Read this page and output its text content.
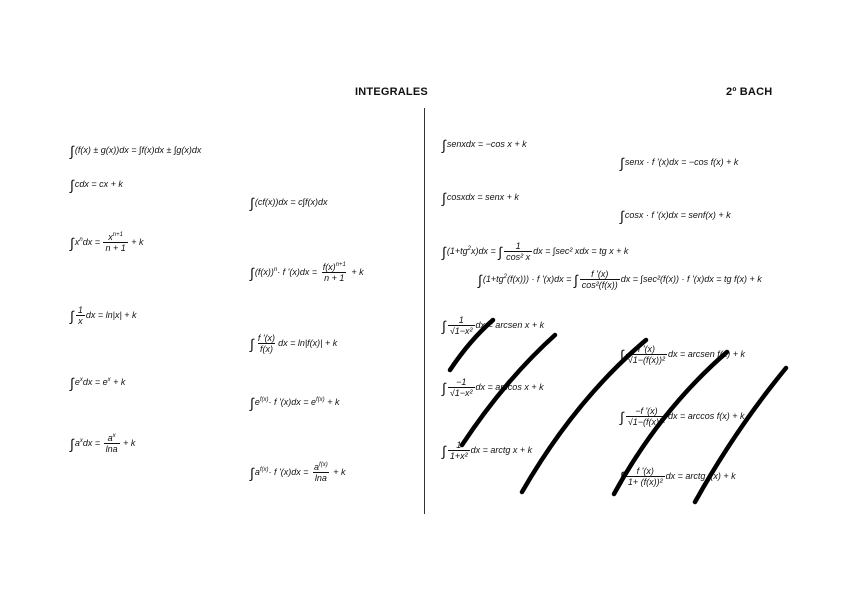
INTEGRALES	2º BACH
∫(f(x) ± g(x))dx = ∫f(x)dx ± ∫g(x)dx
∫cdx = cx + k
∫(cf(x))dx = c∫f(x)dx
$\int x^ndx = \frac{x^{n+1}}{n + 1} + k$
$\int(f(x))^n\cdot f$ '$(x)dx = \frac{f(x)^{n+1}}{n + 1} + k$
∫ $\frac{1}{x}$ dx = ln|x| + k
∫ $\frac{f '(x)}{f(x)}$ dx = ln|f(x)| + k
$\int e^xdx = e^x + k$
$\int e^{f(x)}\cdot f$ '$(x)dx = e^{f(x)} + k$
$\int a^xdx = \frac{a^x}{\ln a} + k$
$\int a^{f(x)}\cdot f$ '$(x)dx = \frac{a^{f(x)}}{\ln a} + k$
∫senxdx = −cos x + k
∫senx · f '(x)dx = −cos f(x) + k
∫cosxdx = senx + k
∫cosx · f '(x)dx = senf(x) + k
$\int(1+tg^2x)dx$ = ∫ $\frac{1}{\text{cos² x}}$ dx = ∫sec² xdx = tg x + k
$\int(1+tg^2(f(x))) \cdot f$ '(x)dx = ∫ $\frac{f '(x)}{\text{cos²(f(x))}}$ dx = ∫sec²(f(x)) · f '(x)dx = tg f(x) + k
∫ $\frac{1}{\text{√1−x²}}$ dx = arcsen x + k
∫ $\frac{f '(x)}{\text{√1−(f(x))²}}$ dx = arcsen f(x) + k
∫ $\frac{-1}{\text{√1−x²}}$ dx = arccos x + k
∫ $\frac{-f '(x)}{\text{√1−(f(x))²}}$ dx = arccos f(x) + k
∫ $\frac{1}{\text{1+x²}}$ dx = arctg x + k
∫ $\frac{f '(x)}{\text{1+ (f(x))²}}$ dx = arctg f(x) + k
